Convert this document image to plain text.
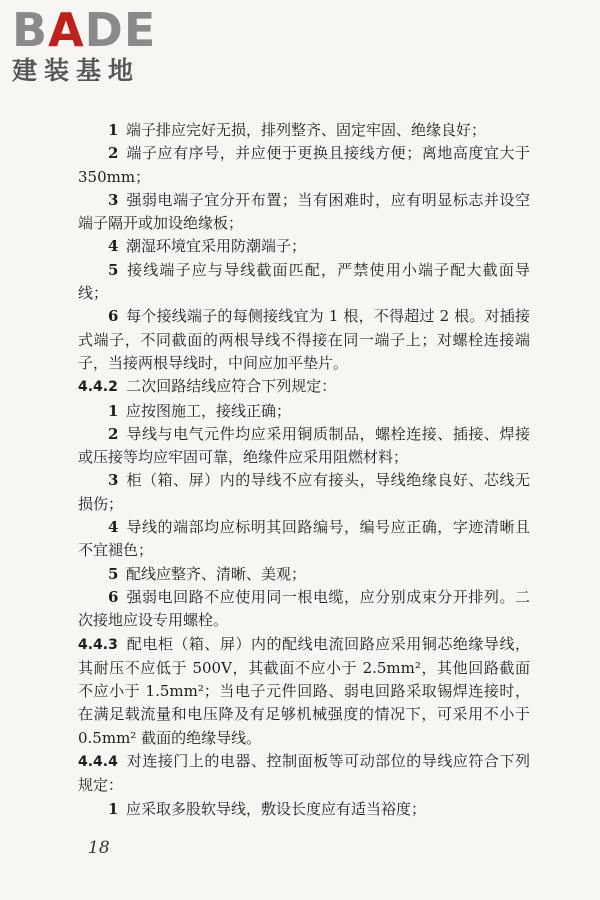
BADE
建装基地

1 端子排应完好无损，排列整齐、固定牢固、绝缘良好；

2 端子应有序号，并应便于更换且接线方便；离地高度宜大于 350mm；

3 强弱电端子宜分开布置；当有困难时，应有明显标志并设空端子隔开或加设绝缘板；

4 潮湿环境宜采用防潮端子；

5 接线端子应与导线截面匹配，严禁使用小端子配大截面导线；

6 每个接线端子的每侧接线宜为 1 根，不得超过 2 根。对插接式端子，不同截面的两根导线不得接在同一端子上；对螺栓连接端子，当接两根导线时，中间应加平垫片。

4.4.2 二次回路结线应符合下列规定：

1 应按图施工，接线正确；

2 导线与电气元件均应采用铜质制品，螺栓连接、插接、焊接或压接等均应牢固可靠，绝缘件应采用阻燃材料；

3 柜（箱、屏）内的导线不应有接头，导线绝缘良好、芯线无损伤；

4 导线的端部均应标明其回路编号，编号应正确，字迹清晰且不宜褪色；

5 配线应整齐、清晰、美观；

6 强弱电回路不应使用同一根电缆，应分别成束分开排列。二次接地应设专用螺栓。

4.4.3 配电柜（箱、屏）内的配线电流回路应采用铜芯绝缘导线，其耐压不应低于 500V，其截面不应小于 2.5mm²，其他回路截面不应小于 1.5mm²；当电子元件回路、弱电回路采取锡焊连接时，在满足载流量和电压降及有足够机械强度的情况下，可采用不小于 0.5mm² 截面的绝缘导线。

4.4.4 对连接门上的电器、控制面板等可动部位的导线应符合下列规定：

1 应采取多股软导线，敷设长度应有适当裕度；

18
